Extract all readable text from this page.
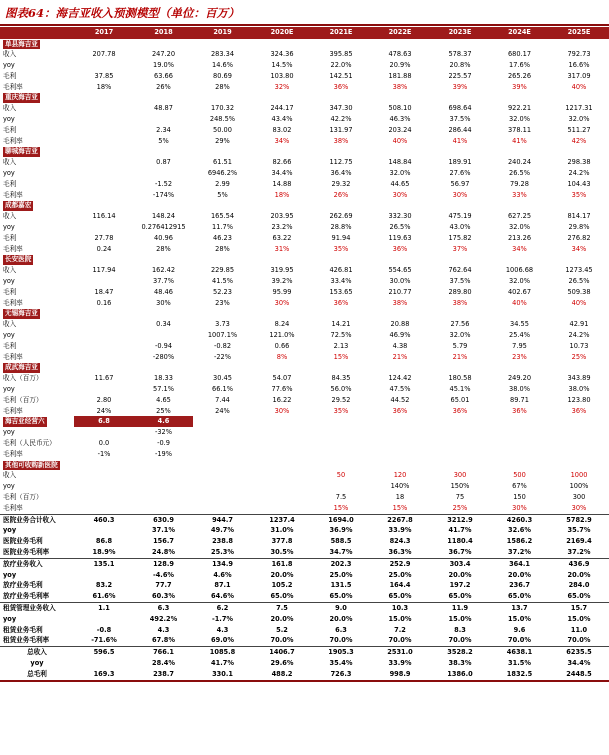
图表64：海吉亚收入预测模型（单位：百万）
	2017	2018	2019	2020E	2021E	2022E	2023E	2024E	2025E
单县海吉亚									
收入	207.78	247.20	283.34	324.36	395.85	478.63	578.37	680.17	792.73
yoy		19.0%	14.6%	14.5%	22.0%	20.9%	20.8%	17.6%	16.6%
毛利	37.85	63.66	80.69	103.80	142.51	181.88	225.57	265.26	317.09
毛利率	18%	26%	28%	32%	36%	38%	39%	39%	40%
重庆海吉亚									
收入		48.87	170.32	244.17	347.30	508.10	698.64	922.21	1217.31
yoy			248.5%	43.4%	42.2%	46.3%	37.5%	32.0%	32.0%
毛利		2.34	50.00	83.02	131.97	203.24	286.44	378.11	511.27
毛利率		5%	29%	34%	38%	40%	41%	41%	42%
聊城海吉亚									
收入		0.87	61.51	82.66	112.75	148.84	189.91	240.24	298.38
yoy			6946.2%	34.4%	36.4%	32.0%	27.6%	26.5%	24.2%
毛利		-1.52	2.99	14.88	29.32	44.65	56.97	79.28	104.43
毛利率		-174%	5%	18%	26%	30%	30%	33%	35%
成都嘉宏									
收入	116.14	148.24	165.54	203.95	262.69	332.30	475.19	627.25	814.17
yoy		0.276412915	11.7%	23.2%	28.8%	26.5%	43.0%	32.0%	29.8%
毛利	27.78	40.96	46.23	63.22	91.94	119.63	175.82	213.26	276.82
毛利率	0.24	28%	28%	31%	35%	36%	37%	34%	34%
长安医院									
收入	117.94	162.42	229.85	319.95	426.81	554.65	762.64	1006.68	1273.45
yoy		37.7%	41.5%	39.2%	33.4%	30.0%	37.5%	32.0%	26.5%
毛利	18.47	48.46	52.23	95.99	153.65	210.77	289.80	402.67	509.38
毛利率	0.16	30%	23%	30%	36%	38%	38%	40%	40%
无锡海吉亚									
收入		0.34	3.73	8.24	14.21	20.88	27.56	34.55	42.91
yoy			1007.1%	121.0%	72.5%	46.9%	32.0%	25.4%	24.2%
毛利		-0.94	-0.82	0.66	2.13	4.38	5.79	7.95	10.73
毛利率		-280%	-22%	8%	15%	21%	21%	23%	25%
成武海吉亚									
收入（百万）	11.67	18.33	30.45	54.07	84.35	124.42	180.58	249.20	343.89
yoy		57.1%	66.1%	77.6%	56.0%	47.5%	45.1%	38.0%	38.0%
毛利（百万）	2.80	4.65	7.44	16.22	29.52	44.52	65.01	89.71	123.80
毛利率	24%	25%	24%	30%	35%	36%	36%	36%	36%
海吉亚经营六	6.8	4.6							
yoy		-32%							
毛利（人民币元）	0.0	-0.9							
毛利率	-1%	-19%							
其他可收购新医院									
收入					50	120	300	500	1000
yoy						140%	150%	67%	100%
毛利（百万）					7.5	18	75	150	300
毛利率					15%	15%	25%	30%	30%
医院业务合计收入	460.3	630.9	944.7	1237.4	1694.0	2267.8	3212.9	4260.3	5782.9
yoy		37.1%	49.7%	31.0%	36.9%	33.9%	41.7%	32.6%	35.7%
医院业务毛利	86.8	156.7	238.8	377.8	588.5	824.3	1180.4	1586.2	2169.4
医院业务毛利率	18.9%	24.8%	25.3%	30.5%	34.7%	36.3%	36.7%	37.2%	37.2%
放疗业务收入	135.1	128.9	134.9	161.8	202.3	252.9	303.4	364.1	436.9
yoy		-4.6%	4.6%	20.0%	25.0%	25.0%	20.0%	20.0%	20.0%
放疗业务毛利	83.2	77.7	87.1	105.2	131.5	164.4	197.2	236.7	284.0
放疗业务毛利率	61.6%	60.3%	64.6%	65.0%	65.0%	65.0%	65.0%	65.0%	65.0%
租赁管理业务收入	1.1	6.3	6.2	7.5	9.0	10.3	11.9	13.7	15.7
yoy		492.2%	-1.7%	20.0%	20.0%	15.0%	15.0%	15.0%	15.0%
租赁业务毛利	-0.8	4.3	4.3	5.2	6.3	7.2	8.3	9.6	11.0
租赁业务毛利率	-71.6%	67.8%	69.0%	70.0%	70.0%	70.0%	70.0%	70.0%	70.0%
总收入	596.5	766.1	1085.8	1406.7	1905.3	2531.0	3528.2	4638.1	6235.5
yoy		28.4%	41.7%	29.6%	35.4%	33.9%	38.3%	31.5%	34.4%
总毛利	169.3	238.7	330.1	488.2	726.3	998.9	1386.0	1832.5	2448.5
